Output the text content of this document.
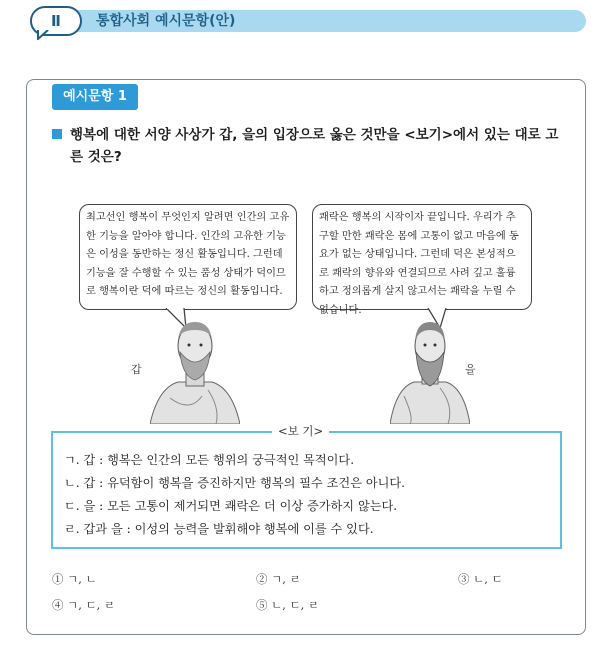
통합사회 예시문항(안)
Ⅱ
예시문항 1
행복에 대한 서양 사상가 갑, 을의 입장으로 옳은 것만을 <보기>에서 있는 대로 고른 것은?
최고선인 행복이 무엇인지 알려면 인간의 고유한 기능을 알아야 합니다. 인간의 고유한 기능은 이성을 동반하는 정신 활동입니다. 그런데 기능을 잘 수행할 수 있는 품성 상태가 덕이므로 행복이란 덕에 따르는 정신의 활동입니다.
쾌락은 행복의 시작이자 끝입니다. 우리가 추구할 만한 쾌락은 몸에 고통이 없고 마음에 동요가 없는 상태입니다. 그런데 덕은 본성적으로 쾌락의 향유와 연결되므로 사려 깊고 훌륭하고 정의롭게 살지 않고서는 쾌락을 누릴 수 없습니다.
갑	을
<보 기>
ㄱ. 갑 : 행복은 인간의 모든 행위의 궁극적인 목적이다.
ㄴ. 갑 : 유덕함이 행복을 증진하지만 행복의 필수 조건은 아니다.
ㄷ. 을 : 모든 고통이 제거되면 쾌락은 더 이상 증가하지 않는다.
ㄹ. 갑과 을 : 이성의 능력을 발휘해야 행복에 이를 수 있다.
① ㄱ, ㄴ	② ㄱ, ㄹ	③ ㄴ, ㄷ
④ ㄱ, ㄷ, ㄹ	⑤ ㄴ, ㄷ, ㄹ
